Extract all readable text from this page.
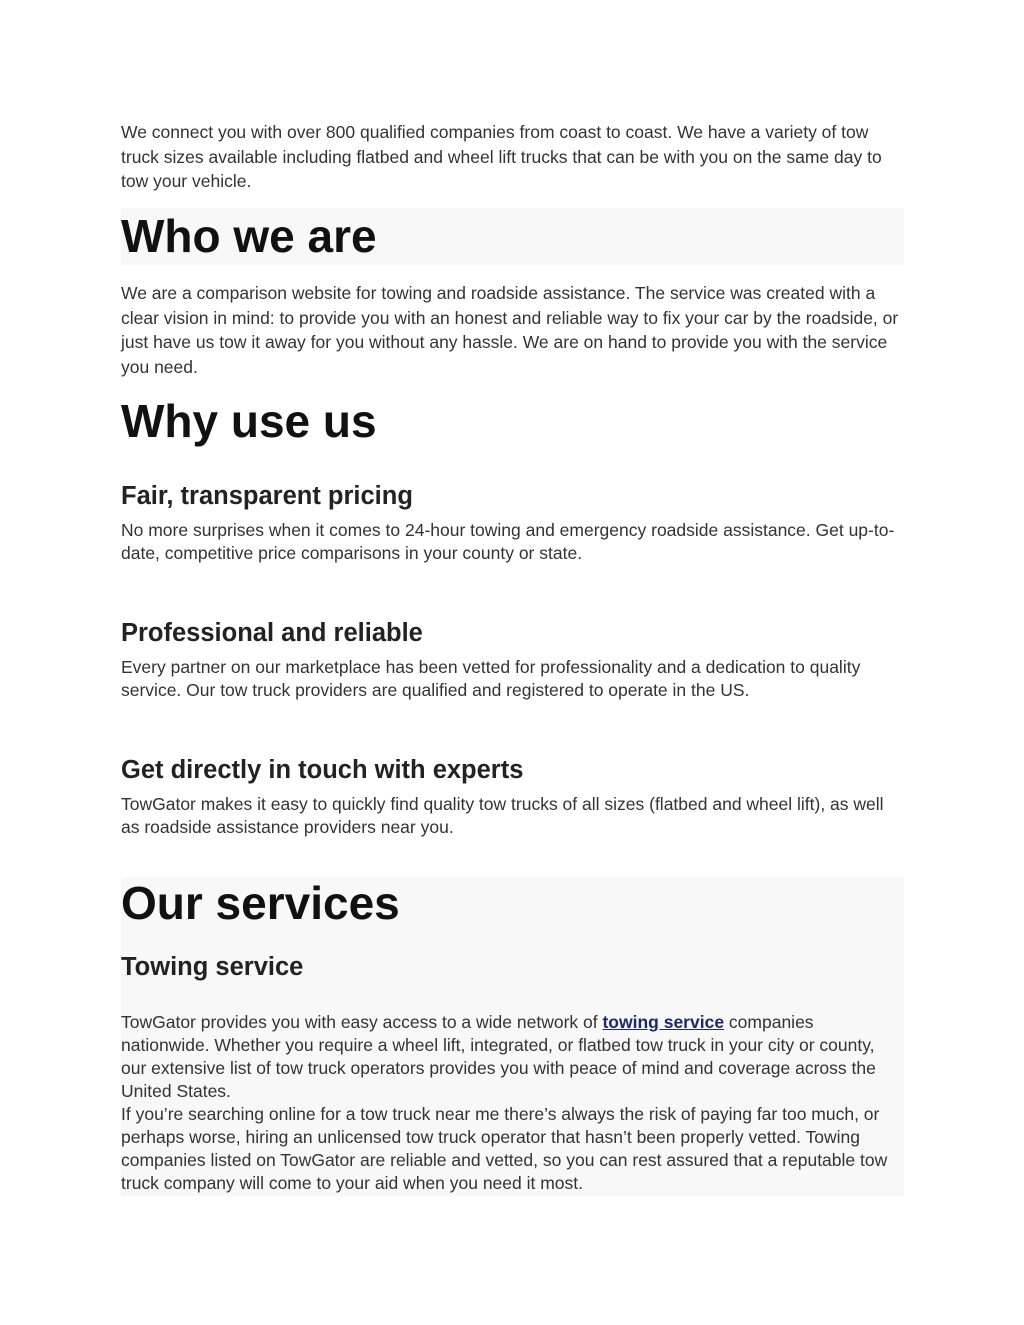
We connect you with over 800 qualified companies from coast to coast. We have a variety of tow truck sizes available including flatbed and wheel lift trucks that can be with you on the same day to tow your vehicle.

Who we are

We are a comparison website for towing and roadside assistance. The service was created with a clear vision in mind: to provide you with an honest and reliable way to fix your car by the roadside, or just have us tow it away for you without any hassle. We are on hand to provide you with the service you need.

Why use us
Fair, transparent pricing

No more surprises when it comes to 24-hour towing and emergency roadside assistance. Get up-to-date, competitive price comparisons in your county or state.

Professional and reliable

Every partner on our marketplace has been vetted for professionality and a dedication to quality service. Our tow truck providers are qualified and registered to operate in the US.

Get directly in touch with experts

TowGator makes it easy to quickly find quality tow trucks of all sizes (flatbed and wheel lift), as well as roadside assistance providers near you.

Our services
Towing service

TowGator provides you with easy access to a wide network of towing service companies nationwide. Whether you require a wheel lift, integrated, or flatbed tow truck in your city or county, our extensive list of tow truck operators provides you with peace of mind and coverage across the United States.

If you’re searching online for a tow truck near me there’s always the risk of paying far too much, or perhaps worse, hiring an unlicensed tow truck operator that hasn’t been properly vetted. Towing companies listed on TowGator are reliable and vetted, so you can rest assured that a reputable tow truck company will come to your aid when you need it most.
